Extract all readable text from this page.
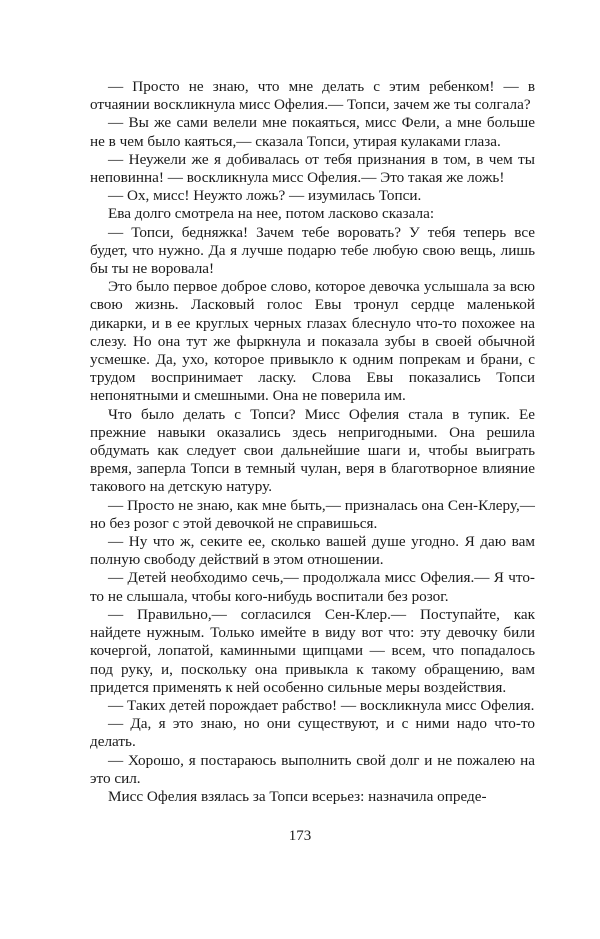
— Просто не знаю, что мне делать с этим ребенком! — в отчаянии воскликнула мисс Офелия.— Топси, зачем же ты солгала?

— Вы же сами велели мне покаяться, мисс Фели, а мне больше не в чем было каяться,— сказала Топси, утирая кулаками глаза.

— Неужели же я добивалась от тебя признания в том, в чем ты неповинна! — воскликнула мисс Офелия.— Это такая же ложь!

— Ох, мисс! Неужто ложь? — изумилась Топси.

Ева долго смотрела на нее, потом ласково сказала:

— Топси, бедняжка! Зачем тебе воровать? У тебя теперь все будет, что нужно. Да я лучше подарю тебе любую свою вещь, лишь бы ты не воровала!

Это было первое доброе слово, которое девочка услышала за всю свою жизнь. Ласковый голос Евы тронул сердце маленькой дикарки, и в ее круглых черных глазах блеснуло что-то похожее на слезу. Но она тут же фыркнула и показала зубы в своей обычной усмешке. Да, ухо, которое привыкло к одним попрекам и брани, с трудом воспринимает ласку. Слова Евы показались Топси непонятными и смешными. Она не поверила им.

Что было делать с Топси? Мисс Офелия стала в тупик. Ее прежние навыки оказались здесь непригодными. Она решила обдумать как следует свои дальнейшие шаги и, чтобы выиграть время, заперла Топси в темный чулан, веря в благотворное влияние такового на детскую натуру.

— Просто не знаю, как мне быть,— призналась она Сен-Клеру,— но без розог с этой девочкой не справишься.

— Ну что ж, секите ее, сколько вашей душе угодно. Я даю вам полную свободу действий в этом отношении.

— Детей необходимо сечь,— продолжала мисс Офелия.— Я что-то не слышала, чтобы кого-нибудь воспитали без розог.

— Правильно,— согласился Сен-Клер.— Поступайте, как найдете нужным. Только имейте в виду вот что: эту девочку били кочергой, лопатой, каминными щипцами — всем, что попадалось под руку, и, поскольку она привыкла к такому обращению, вам придется применять к ней особенно сильные меры воздействия.

— Таких детей порождает рабство! — воскликнула мисс Офелия.

— Да, я это знаю, но они существуют, и с ними надо что-то делать.

— Хорошо, я постараюсь выполнить свой долг и не пожалею на это сил.

Мисс Офелия взялась за Топси всерьез: назначила опреде-

173
